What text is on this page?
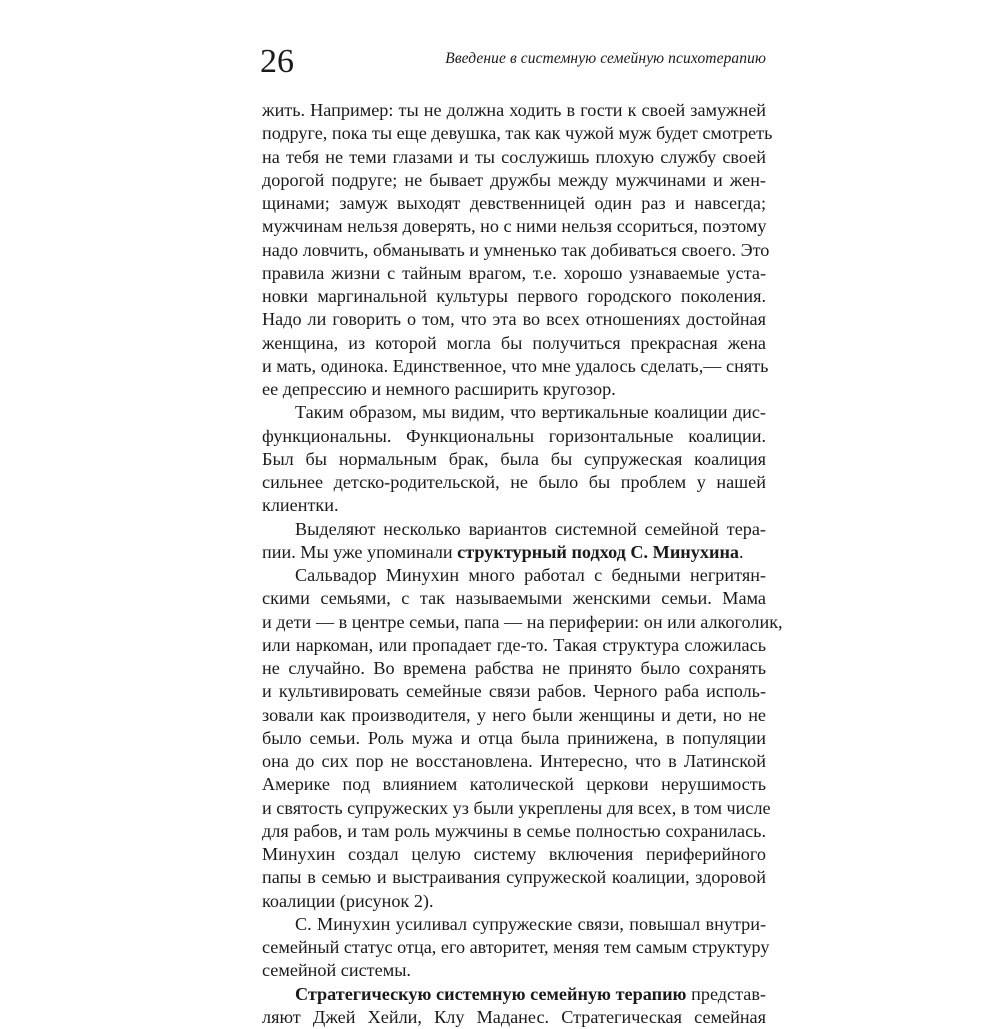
26	Введение в системную семейную психотерапию
жить. Например: ты не должна ходить в гости к своей замужней
подруге, пока ты еще девушка, так как чужой муж будет смотреть
на тебя не теми глазами и ты сослужишь плохую службу своей
дорогой подруге; не бывает дружбы между мужчинами и жен-
щинами; замуж выходят девственницей один раз и навсегда;
мужчинам нельзя доверять, но с ними нельзя ссориться, поэтому
надо ловчить, обманывать и умненько так добиваться своего. Это
правила жизни с тайным врагом, т.е. хорошо узнаваемые уста-
новки маргинальной культуры первого городского поколения.
Надо ли говорить о том, что эта во всех отношениях достойная
женщина, из которой могла бы получиться прекрасная жена
и мать, одинока. Единственное, что мне удалось сделать,— снять
ее депрессию и немного расширить кругозор.
Таким образом, мы видим, что вертикальные коалиции дис-
функциональны. Функциональны горизонтальные коалиции.
Был бы нормальным брак, была бы супружеская коалиция
сильнее детско-родительской, не было бы проблем у нашей
клиентки.
Выделяют несколько вариантов системной семейной тера-
пии. Мы уже упоминали структурный подход С. Минухина.
Сальвадор Минухин много работал с бедными негритян-
скими семьями, с так называемыми женскими семьи. Мама
и дети — в центре семьи, папа — на периферии: он или алкоголик,
или наркоман, или пропадает где-то. Такая структура сложилась
не случайно. Во времена рабства не принято было сохранять
и культивировать семейные связи рабов. Черного раба исполь-
зовали как производителя, у него были женщины и дети, но не
было семьи. Роль мужа и отца была принижена, в популяции
она до сих пор не восстановлена. Интересно, что в Латинской
Америке под влиянием католической церкови нерушимость
и святость супружеских уз были укреплены для всех, в том числе
для рабов, и там роль мужчины в семье полностью сохранилась.
Минухин создал целую систему включения периферийного
папы в семью и выстраивания супружеской коалиции, здоровой
коалиции (рисунок 2).
С. Минухин усиливал супружеские связи, повышал внутри-
семейный статус отца, его авторитет, меняя тем самым структуру
семейной системы.
Стратегическую системную семейную терапию представ-
ляют Джей Хейли, Клу Маданес. Стратегическая семейная
